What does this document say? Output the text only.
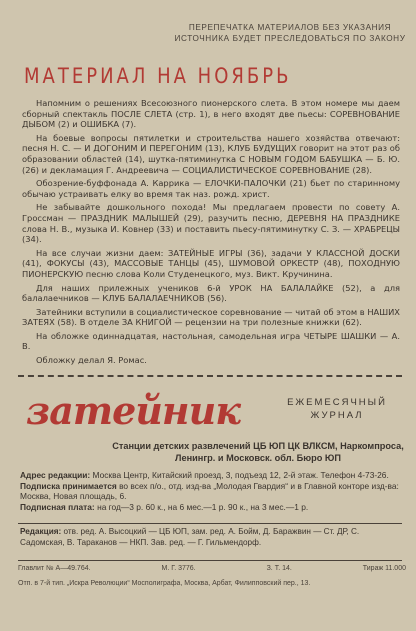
ПЕРЕПЕЧАТКА МАТЕРИАЛОВ БЕЗ УКАЗАНИЯ ИСТОЧНИКА БУДЕТ ПРЕСЛЕДОВАТЬСЯ ПО ЗАКОНУ
МАТЕРИАЛ НА НОЯБРЬ

Напомним о решениях Всесоюзного пионерского слета. В этом номере мы даем сборный спектакль ПОСЛЕ СЛЕТА (стр. 1), в него входят две пьесы: СОРЕВНОВАНИЕ ДЫБОМ (2) и ОШИБКА (7).

На боевые вопросы пятилетки и строительства нашего хозяйства отвечают: песня Н. С. — И ДОГОНИМ И ПЕРЕГОНИМ (13), КЛУБ БУДУЩИХ говорит на этот раз об образовании областей (14), шутка-пятиминутка С НОВЫМ ГОДОМ БАБУШКА — Б. Ю. (26) и декламация Г. Андреевича — СОЦИАЛИСТИЧЕСКОЕ СОРЕВНОВАНИЕ (28).

Обозрение-буффонада А. Каррика — ЕЛОЧКИ-ПАЛОЧКИ (21) бьет по старинному обычаю устраивать елку во время так наз. рожд. христ.

Не забывайте дошкольного похода! Мы предлагаем провести по совету А. Гроссман — ПРАЗДНИК МАЛЫШЕЙ (29), разучить песню, ДЕРЕВНЯ НА ПРАЗДНИКЕ слова Н. В., музыка И. Ковнер (33) и поставить пьесу-пятиминутку С. З. — ХРАБРЕЦЫ (34).

На все случаи жизни даем: ЗАТЕЙНЫЕ ИГРЫ (36), задачи У КЛАССНОЙ ДОСКИ (41), ФОКУСЫ (43), МАССОВЫЕ ТАНЦЫ (45), ШУМОВОЙ ОРКЕСТР (48), ПОХОДНУЮ ПИОНЕРСКУЮ песню слова Коли Студенецкого, муз. Викт. Кручинина.

Для наших прилежных учеников 6-й УРОК НА БАЛАЛАЙКЕ (52), а для балалаечников — КЛУБ БАЛАЛАЕЧНИКОВ (56).

Затейники вступили в социалистическое соревнование — читай об этом в НАШИХ ЗАТЕЯХ (58). В отделе ЗА КНИГОЙ — рецензии на три полезные книжки (62).

На обложке одиннадцатая, настольная, самодельная игра ЧЕТЫРЕ ШАШКИ — А. В.

Обложку делал Я. Ромас.

затейник	ЕЖЕМЕСЯЧНЫЙ ЖУРНАЛ
Станции детских развлечений ЦБ ЮП ЦК ВЛКСМ, Наркомпроса, Ленингр. и Московск. обл. Бюро ЮП
Адрес редакции: Москва Центр, Китайский проезд, 3, подъезд 12, 2-й этаж. Телефон 4-73-26. Подписка принимается во всех п/о., отд. изд-ва „Молодая Гвардия“ и в Главной конторе изд-ва: Москва, Новая площадь, 6.
Подписная плата: на год—3 р. 60 к., на 6 мес.—1 р. 90 к., на 3 мес.—1 р.
Редакция: отв. ред. А. Высоцкий — ЦБ ЮП, зам. ред. А. Бойм, Д. Баражвин — Ст. ДР, С. Садомская, В. Тараканов — НКП. Зав. ред. — Г. Гильмендорф.
Главлит № А—49.764.	М. Г. 3776.	З. Т. 14.	Тираж 11.000
Отп. в 7-й тип. „Искра Революции“ Мосполиграфа, Москва, Арбат, Филипповский пер., 13.
